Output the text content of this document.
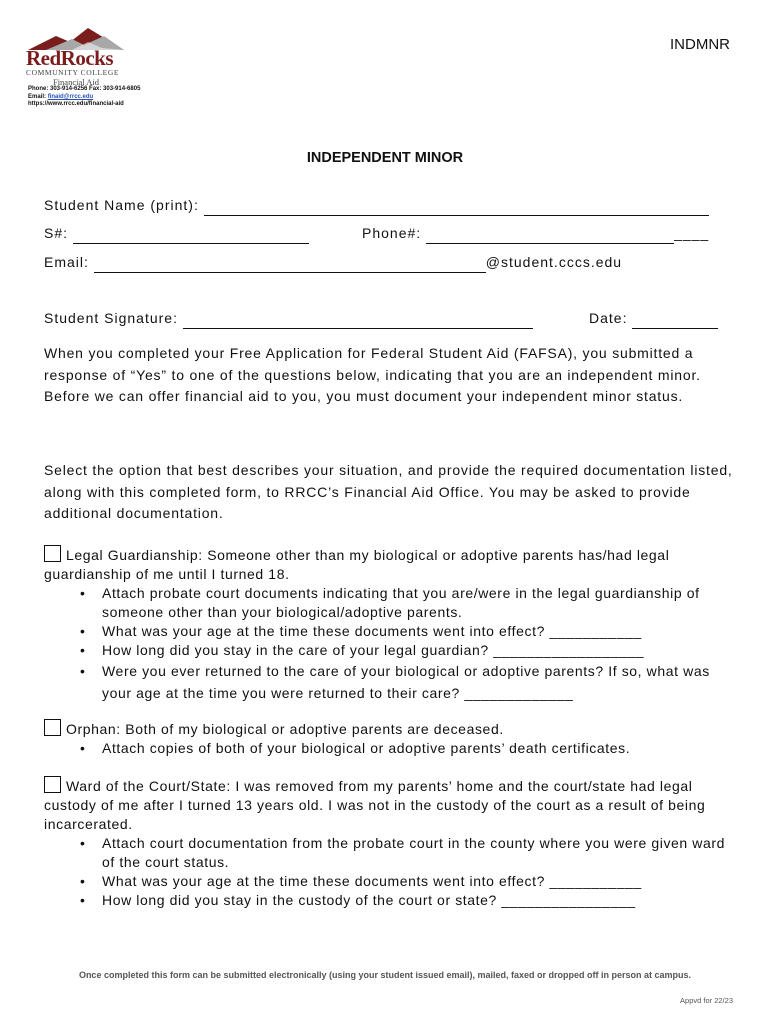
INDMNR
RedRocks
COMMUNITY COLLEGE
Financial Aid
Phone: 303-914-6256 Fax: 303-914-6805
Email: finaid@rrcc.edu
https://www.rrcc.edu/financial-aid
INDEPENDENT MINOR
Student Name (print):
S#:	Phone#:	____
Email:	@student.cccs.edu
Student Signature:	Date:
When you completed your Free Application for Federal Student Aid (FAFSA), you submitted a response of “Yes” to one of the questions below, indicating that you are an independent minor. Before we can offer financial aid to you, you must document your independent minor status.
Select the option that best describes your situation, and provide the required documentation listed, along with this completed form, to RRCC’s Financial Aid Office. You may be asked to provide additional documentation.
Legal Guardianship: Someone other than my biological or adoptive parents has/had legal guardianship of me until I turned 18.
• Attach probate court documents indicating that you are/were in the legal guardianship of someone other than your biological/adoptive parents.
• What was your age at the time these documents went into effect? ___________
• How long did you stay in the care of your legal guardian? __________________
• Were you ever returned to the care of your biological or adoptive parents? If so, what was your age at the time you were returned to their care? _____________
Orphan: Both of my biological or adoptive parents are deceased.
• Attach copies of both of your biological or adoptive parents’ death certificates.
Ward of the Court/State: I was removed from my parents’ home and the court/state had legal custody of me after I turned 13 years old. I was not in the custody of the court as a result of being incarcerated.
• Attach court documentation from the probate court in the county where you were given ward of the court status.
• What was your age at the time these documents went into effect? ___________
• How long did you stay in the custody of the court or state? ________________
Once completed this form can be submitted electronically (using your student issued email), mailed, faxed or dropped off in person at campus.
Appvd for 22/23
